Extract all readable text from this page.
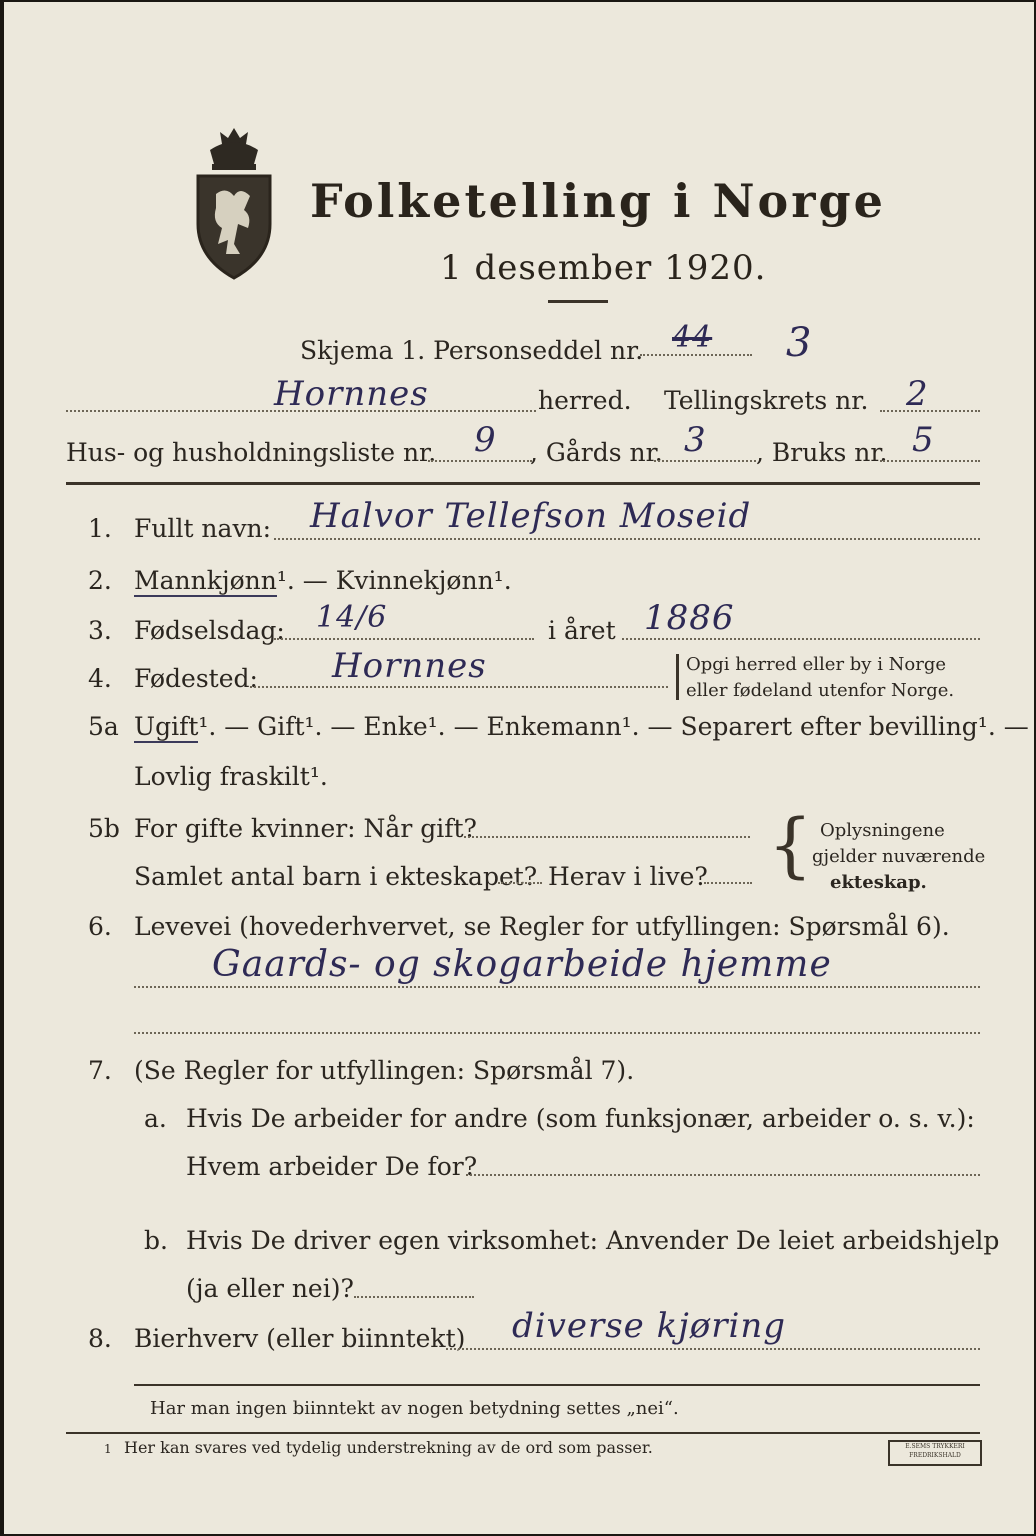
Folketelling i Norge
1 desember 1920.
Skjema 1. Personseddel nr. 44 3
Hornnes	herred. Tellingskrets nr. 2
Hus- og husholdningsliste nr. 9 , Gårds nr. 3 , Bruks nr. 5
1. Fullt navn: Halvor Tellefson Moseid
2. Mannkjønn¹. — Kvinnekjønn¹.
3. Fødselsdag: 14/6	i året 1886
4. Fødested: Hornnes	Opgi herred eller by i Norge
eller fødeland utenfor Norge.
5a Ugift¹. — Gift¹. — Enke¹. — Enkemann¹. — Separert efter bevilling¹. —
Lovlig fraskilt¹.
5b For gifte kvinner: Når gift?
Samlet antal barn i ekteskapet? Herav i live? { Oplysningene
gjelder nuværende
ekteskap.
6. Levevei (hovederhvervet, se Regler for utfyllingen: Spørsmål 6).
Gaards- og skogarbeide hjemme
7. (Se Regler for utfyllingen: Spørsmål 7).
a. Hvis De arbeider for andre (som funksjonær, arbeider o. s. v.):
Hvem arbeider De for?
b. Hvis De driver egen virksomhet: Anvender De leiet arbeidshjelp
(ja eller nei)?
8. Bierhverv (eller biinntekt) diverse kjøring
Har man ingen biinntekt av nogen betydning settes „nei“.
1 Her kan svares ved tydelig understrekning av de ord som passer.	E.SEMS TRYKKERI
FREDRIKSHALD
